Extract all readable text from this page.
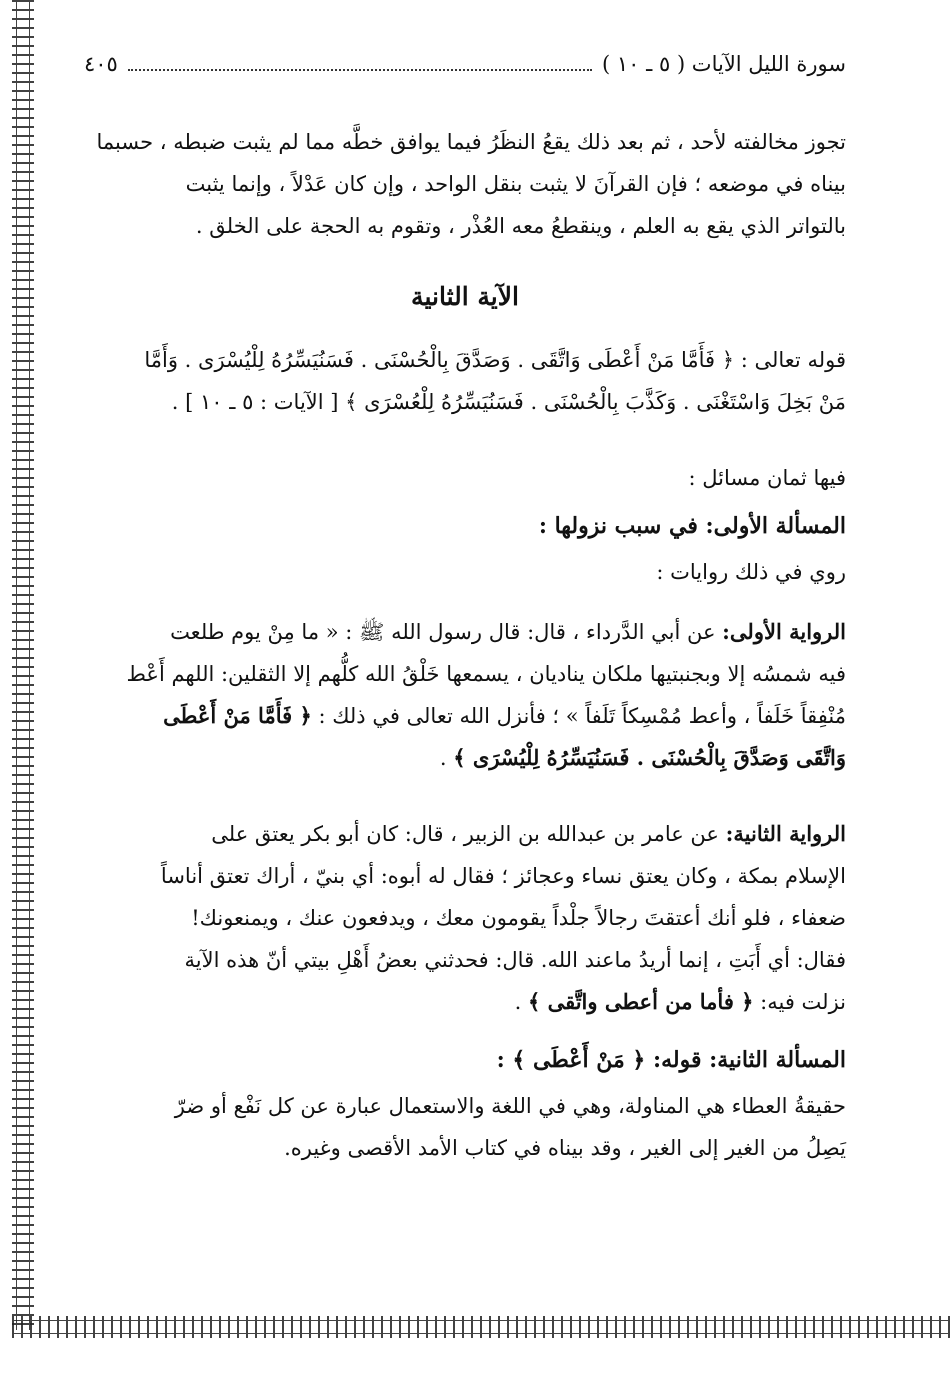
سورة الليل الآيات ( ٥ ـ ١٠ )
٤٠٥

تجوز مخالفته لأحد ، ثم بعد ذلك يقعُ النظَرُ فيما يوافق خطَّه مما لم يثبت ضبطه ، حسبما

بيناه في موضعه ؛ فإن القرآنَ لا يثبت بنقل الواحد ، وإن كان عَدْلاً ، وإنما يثبت

بالتواتر الذي يقع به العلم ، وينقطعُ معه العُذْر ، وتقوم به الحجة على الخلق .

الآية الثانية

قوله تعالى : ﴿ فَأَمَّا مَنْ أَعْطَى وَاتَّقَى . وَصَدَّقَ بِالْحُسْنَى . فَسَنُيَسِّرُهُ لِلْيُسْرَى . وَأَمَّا

مَنْ بَخِلَ وَاسْتَغْنَى . وَكَذَّبَ بِالْحُسْنَى . فَسَنُيَسِّرُهُ لِلْعُسْرَى ﴾ [ الآيات : ٥ ـ ١٠ ] .

فيها ثمان مسائل :

المسألة الأولى: في سبب نزولها :

روي في ذلك روايات :

الرواية الأولى: عن أبي الدَّرداء ، قال: قال رسول الله ﷺ : « ما مِنْ يوم طلعت

فيه شمسُه إلا وبجنبتيها ملكان يناديان ، يسمعها خَلْقُ الله كلُّهم إلا الثقلين: اللهم أَعْط

مُنْفِقاً خَلَفاً ، وأعط مُمْسِكاً تَلَفاً » ؛ فأنزل الله تعالى في ذلك : ﴿ فَأَمَّا مَنْ أَعْطَى

وَاتَّقَى وَصَدَّقَ بِالْحُسْنَى . فَسَنُيَسِّرُهُ لِلْيُسْرَى ﴾ .

الرواية الثانية: عن عامر بن عبدالله بن الزبير ، قال: كان أبو بكر يعتق على

الإسلام بمكة ، وكان يعتق نساء وعجائز ؛ فقال له أبوه: أي بنيّ ، أراك تعتق أناساً

ضعفاء ، فلو أنك أعتقتَ رجالاً جلْداً يقومون معك ، ويدفعون عنك ، ويمنعونك!

فقال: أي أَبَتِ ، إنما أريدُ ماعند الله. قال: فحدثني بعضُ أَهْلِ بيتي أنّ هذه الآية

نزلت فيه: ﴿ فأما من أعطى واتَّقى ﴾ .

المسألة الثانية: قوله: ﴿ مَنْ أَعْطَى ﴾ :

حقيقةُ العطاء هي المناولة، وهي في اللغة والاستعمال عبارة عن كل نَفْع أو ضرّ

يَصِلُ من الغير إلى الغير ، وقد بيناه في كتاب الأمد الأقصى وغيره.
